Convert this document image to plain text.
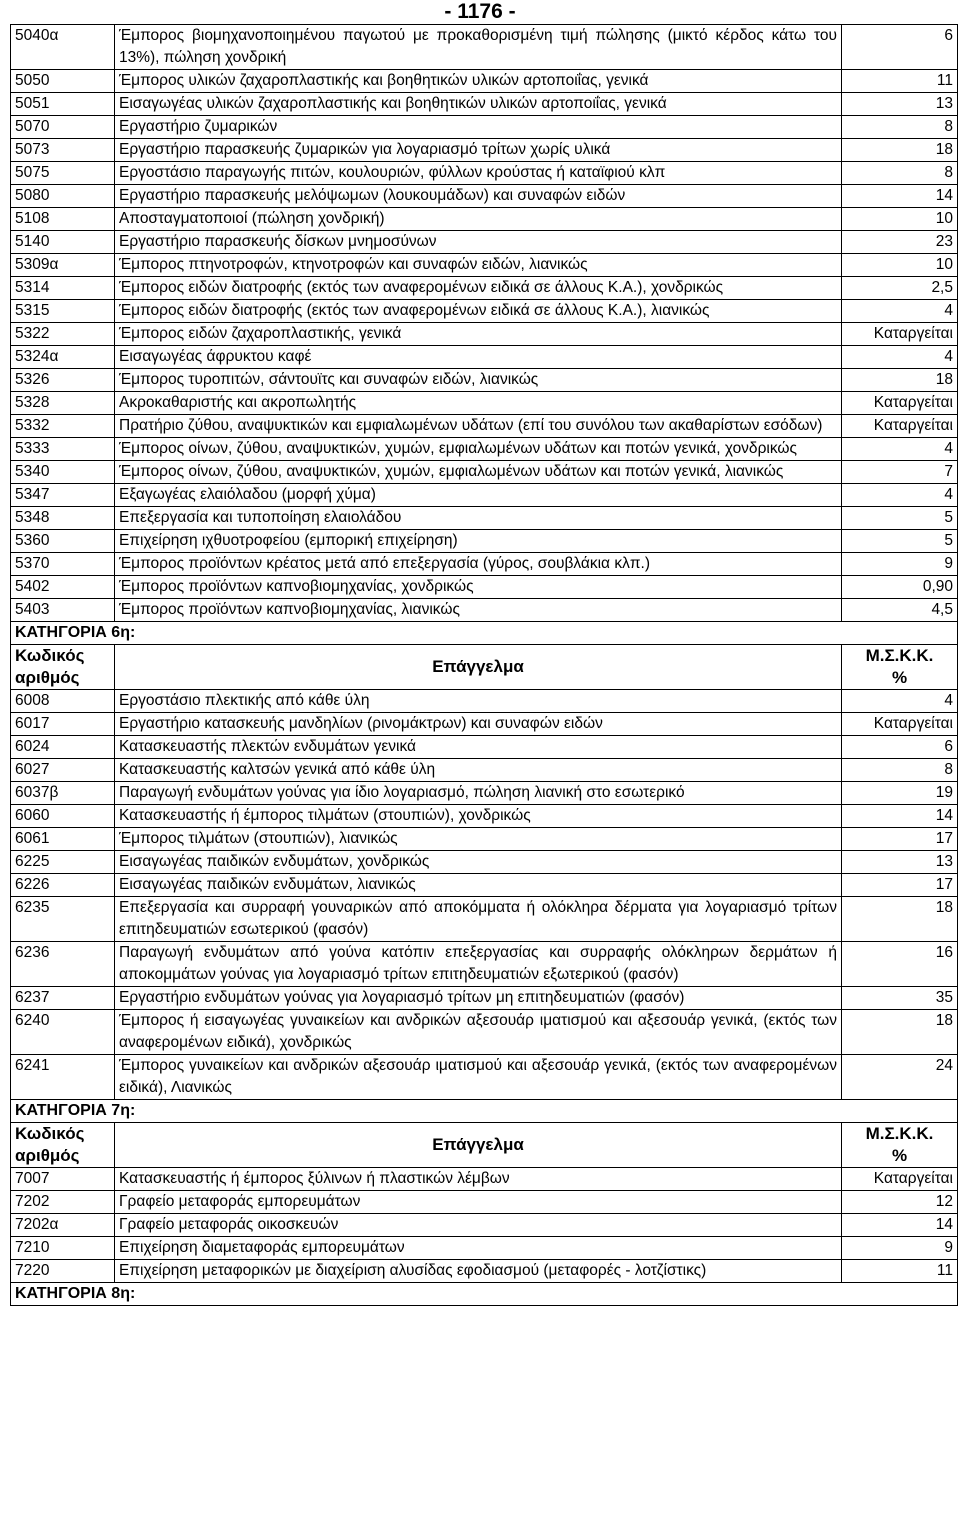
- 1176 -
5040α	Έμπορος βιομηχανοποιημένου παγωτού με προκαθορισμένη τιμή πώλησης (μικτό κέρδος κάτω του 13%), πώληση χονδρική	6
5050	Έμπορος υλικών ζαχαροπλαστικής και βοηθητικών υλικών αρτοποιΐας, γενικά	11
5051	Εισαγωγέας υλικών ζαχαροπλαστικής και βοηθητικών υλικών αρτοποιΐας, γενικά	13
5070	Εργαστήριο ζυμαρικών	8
5073	Εργαστήριο παρασκευής ζυμαρικών για λογαριασμό τρίτων χωρίς υλικά	18
5075	Εργοστάσιο παραγωγής πιτών, κουλουριών, φύλλων κρούστας ή καταϊφιού κλπ	8
5080	Εργαστήριο παρασκευής μελόψωμων (λουκουμάδων) και συναφών ειδών	14
5108	Αποσταγματοποιοί (πώληση χονδρική)	10
5140	Εργαστήριο παρασκευής δίσκων μνημοσύνων	23
5309α	Έμπορος πτηνοτροφών, κτηνοτροφών και συναφών ειδών, λιανικώς	10
5314	Έμπορος ειδών διατροφής (εκτός των αναφερομένων ειδικά σε άλλους Κ.Α.), χονδρικώς	2,5
5315	Έμπορος ειδών διατροφής (εκτός των αναφερομένων ειδικά σε άλλους Κ.Α.), λιανικώς	4
5322	Έμπορος ειδών ζαχαροπλαστικής, γενικά	Καταργείται
5324α	Εισαγωγέας άφρυκτου καφέ	4
5326	Έμπορος τυροπιτών, σάντουϊτς και συναφών ειδών, λιανικώς	18
5328	Ακροκαθαριστής και ακροπωλητής	Καταργείται
5332	Πρατήριο ζύθου, αναψυκτικών και εμφιαλωμένων υδάτων (επί του συνόλου των ακαθαρίστων εσόδων)	Καταργείται
5333	Έμπορος οίνων, ζύθου, αναψυκτικών, χυμών, εμφιαλωμένων υδάτων και ποτών γενικά, χονδρικώς	4
5340	Έμπορος οίνων, ζύθου, αναψυκτικών, χυμών, εμφιαλωμένων υδάτων και ποτών γενικά, λιανικώς	7
5347	Εξαγωγέας ελαιόλαδου (μορφή χύμα)	4
5348	Επεξεργασία και τυποποίηση ελαιολάδου	5
5360	Επιχείρηση ιχθυοτροφείου (εμπορική επιχείρηση)	5
5370	Έμπορος προϊόντων κρέατος μετά από επεξεργασία (γύρος, σουβλάκια κλπ.)	9
5402	Έμπορος προϊόντων καπνοβιομηχανίας, χονδρικώς	0,90
5403	Έμπορος προϊόντων καπνοβιομηχανίας, λιανικώς	4,5
ΚΑΤΗΓΟΡΙΑ 6η:		
Κωδικός
αριθμός	Επάγγελμα	Μ.Σ.Κ.Κ.
%
6008	Εργοστάσιο πλεκτικής από κάθε ύλη	4
6017	Εργαστήριο κατασκευής μανδηλίων (ρινομάκτρων) και συναφών ειδών	Καταργείται
6024	Κατασκευαστής πλεκτών ενδυμάτων γενικά	6
6027	Κατασκευαστής καλτσών γενικά από κάθε ύλη	8
6037β	Παραγωγή ενδυμάτων γούνας για ίδιο λογαριασμό, πώληση λιανική στο εσωτερικό	19
6060	Κατασκευαστής ή έμπορος τιλμάτων (στουπιών), χονδρικώς	14
6061	Έμπορος τιλμάτων (στουπιών), λιανικώς	17
6225	Εισαγωγέας παιδικών ενδυμάτων, χονδρικώς	13
6226	Εισαγωγέας παιδικών ενδυμάτων, λιανικώς	17
6235	Επεξεργασία και συρραφή γουναρικών από αποκόμματα ή ολόκληρα δέρματα για λογαριασμό τρίτων επιτηδευματιών εσωτερικού (φασόν)	18
6236	Παραγωγή ενδυμάτων από γούνα κατόπιν επεξεργασίας και συρραφής ολόκληρων δερμάτων ή αποκομμάτων γούνας για λογαριασμό τρίτων επιτηδευματιών εξωτερικού (φασόν)	16
6237	Εργαστήριο ενδυμάτων γούνας για λογαριασμό τρίτων μη επιτηδευματιών (φασόν)	35
6240	Έμπορος ή εισαγωγέας γυναικείων και ανδρικών αξεσουάρ ιματισμού και αξεσουάρ γενικά, (εκτός των αναφερομένων ειδικά), χονδρικώς	18
6241	Έμπορος γυναικείων και ανδρικών αξεσουάρ ιματισμού και αξεσουάρ γενικά, (εκτός των αναφερομένων ειδικά), Λιανικώς	24
ΚΑΤΗΓΟΡΙΑ 7η:		
Κωδικός
αριθμός	Επάγγελμα	Μ.Σ.Κ.Κ.
%
7007	Κατασκευαστής ή έμπορος ξύλινων ή πλαστικών λέμβων	Καταργείται
7202	Γραφείο μεταφοράς εμπορευμάτων	12
7202α	Γραφείο μεταφοράς οικοσκευών	14
7210	Επιχείρηση διαμεταφοράς εμπορευμάτων	9
7220	Επιχείρηση μεταφορικών με διαχείριση αλυσίδας εφοδιασμού (μεταφορές - λοτζίστικς)	11
ΚΑΤΗΓΟΡΙΑ 8η:		
